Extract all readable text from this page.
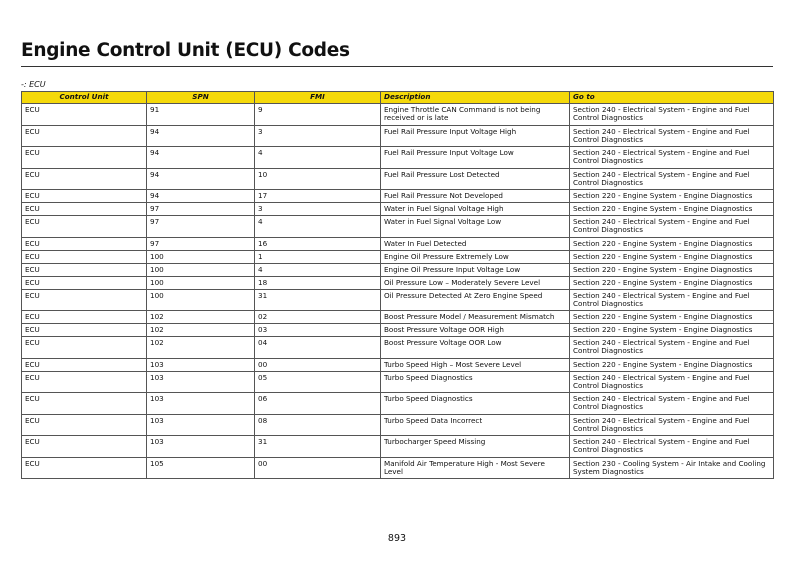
Engine Control Unit (ECU) Codes
-: ECU
Control Unit	SPN	FMI	Description	Go to
ECU	91	9	Engine Throttle CAN Command is not being received or is late	Section 240 - Electrical System - Engine and Fuel Control Diagnostics
ECU	94	3	Fuel Rail Pressure Input Voltage High	Section 240 - Electrical System - Engine and Fuel Control Diagnostics
ECU	94	4	Fuel Rail Pressure Input Voltage Low	Section 240 - Electrical System - Engine and Fuel Control Diagnostics
ECU	94	10	Fuel Rail Pressure Lost Detected	Section 240 - Electrical System - Engine and Fuel Control Diagnostics
ECU	94	17	Fuel Rail Pressure Not Developed	Section 220 - Engine System - Engine Diagnostics
ECU	97	3	Water in Fuel Signal Voltage High	Section 220 - Engine System - Engine Diagnostics
ECU	97	4	Water in Fuel Signal Voltage Low	Section 240 - Electrical System - Engine and Fuel Control Diagnostics
ECU	97	16	Water In Fuel Detected	Section 220 - Engine System - Engine Diagnostics
ECU	100	1	Engine Oil Pressure Extremely Low	Section 220 - Engine System - Engine Diagnostics
ECU	100	4	Engine Oil Pressure Input Voltage Low	Section 220 - Engine System - Engine Diagnostics
ECU	100	18	Oil Pressure Low – Moderately Severe Level	Section 220 - Engine System - Engine Diagnostics
ECU	100	31	Oil Pressure Detected At Zero Engine Speed	Section 240 - Electrical System - Engine and Fuel Control Diagnostics
ECU	102	02	Boost Pressure Model / Measurement Mismatch	Section 220 - Engine System - Engine Diagnostics
ECU	102	03	Boost Pressure Voltage OOR High	Section 220 - Engine System - Engine Diagnostics
ECU	102	04	Boost Pressure Voltage OOR Low	Section 240 - Electrical System - Engine and Fuel Control Diagnostics
ECU	103	00	Turbo Speed High – Most Severe Level	Section 220 - Engine System - Engine Diagnostics
ECU	103	05	Turbo Speed Diagnostics	Section 240 - Electrical System - Engine and Fuel Control Diagnostics
ECU	103	06	Turbo Speed Diagnostics	Section 240 - Electrical System - Engine and Fuel Control Diagnostics
ECU	103	08	Turbo Speed Data Incorrect	Section 240 - Electrical System - Engine and Fuel Control Diagnostics
ECU	103	31	Turbocharger Speed Missing	Section 240 - Electrical System - Engine and Fuel Control Diagnostics
ECU	105	00	Manifold Air Temperature High - Most Severe Level	Section 230 - Cooling System - Air Intake and Cooling System Diagnostics
893
